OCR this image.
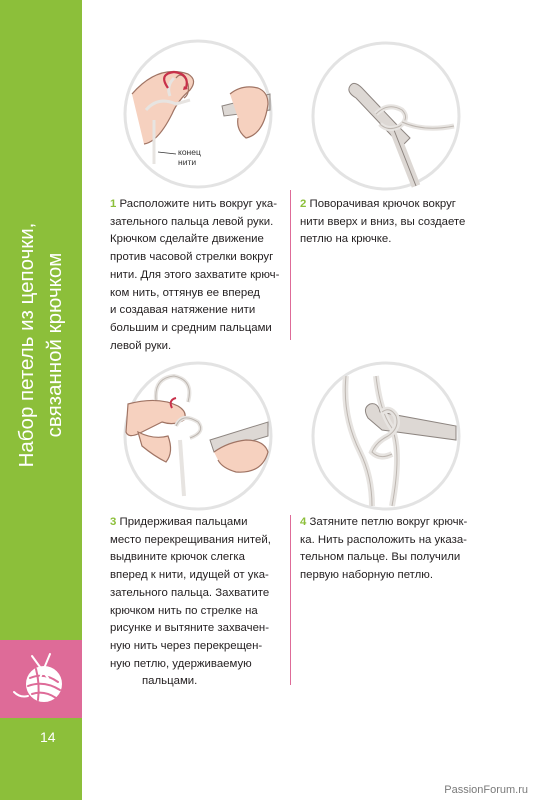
Набор петель из цепочки, связанной крючком
14
конец
нити
1 Расположите нить вокруг ука-
зательного пальца левой руки.
Крючком сделайте движение
против часовой стрелки вокруг
нити. Для этого захватите крюч-
ком нить, оттянув ее вперед
и создавая натяжение нити
большим и средним пальцами
левой руки.
2 Поворачивая крючок вокруг
нити вверх и вниз, вы создаете
петлю на крючке.
3 Придерживая пальцами
место перекрещивания нитей,
выдвините крючок слегка
вперед к нити, идущей от ука-
зательного пальца. Захватите
крючком нить по стрелке на
рисунке и вытяните захвачен-
ную нить через перекрещен-
ную петлю, удерживаемую
пальцами.
4 Затяните петлю вокруг крючк-
ка. Нить расположить на указа-
тельном пальце. Вы получили
первую наборную петлю.
PassionForum.ru
